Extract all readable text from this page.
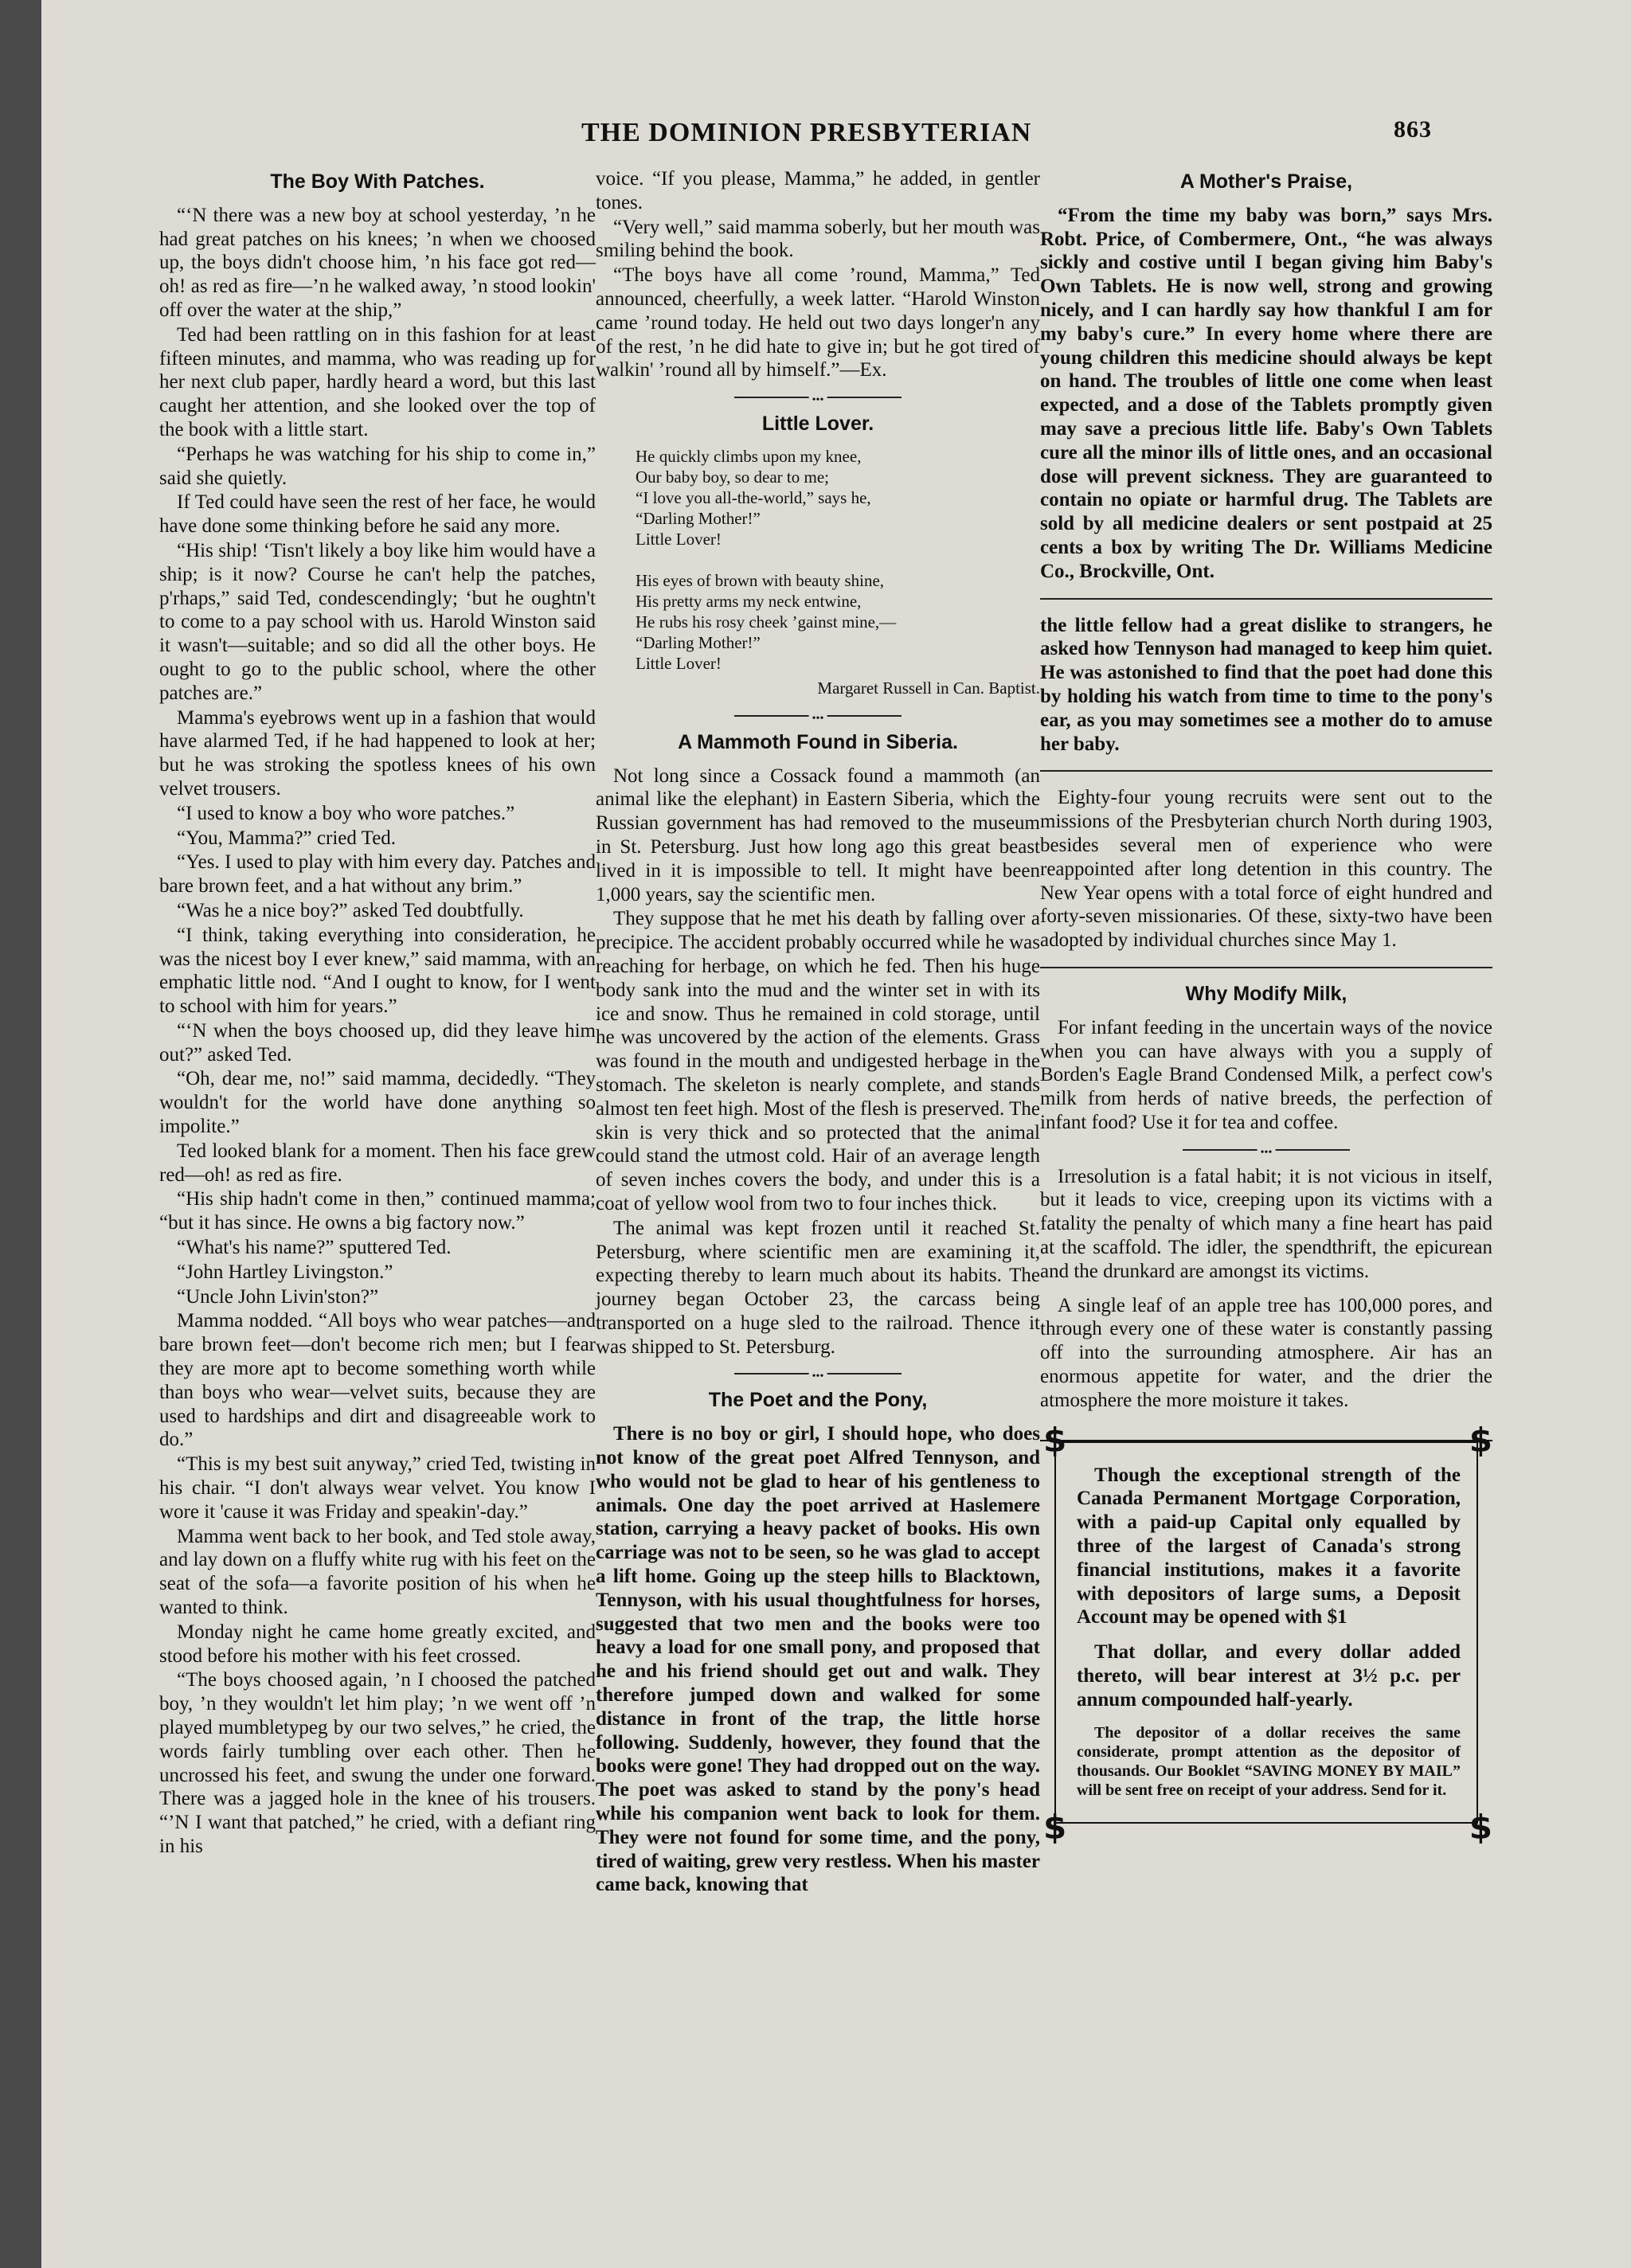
THE DOMINION PRESBYTERIAN	863
The Boy With Patches.

“‘N there was a new boy at school yesterday, ’n he had great patches on his knees; ’n when we choosed up, the boys didn't choose him, ’n his face got red—oh! as red as fire—’n he walked away, ’n stood lookin' off over the water at the ship,”

Ted had been rattling on in this fashion for at least fifteen minutes, and mamma, who was reading up for her next club paper, hardly heard a word, but this last caught her attention, and she looked over the top of the book with a little start.

“Perhaps he was watching for his ship to come in,” said she quietly.

If Ted could have seen the rest of her face, he would have done some thinking before he said any more.

“His ship! ‘Tisn't likely a boy like him would have a ship; is it now? Course he can't help the patches, p'rhaps,” said Ted, condescendingly; ‘but he oughtn't to come to a pay school with us. Harold Winston said it wasn't—suitable; and so did all the other boys. He ought to go to the public school, where the other patches are.”

Mamma's eyebrows went up in a fashion that would have alarmed Ted, if he had happened to look at her; but he was stroking the spotless knees of his own velvet trousers.

“I used to know a boy who wore patches.”

“You, Mamma?” cried Ted.

“Yes. I used to play with him every day. Patches and bare brown feet, and a hat without any brim.”

“Was he a nice boy?” asked Ted doubtfully.

“I think, taking everything into consideration, he was the nicest boy I ever knew,” said mamma, with an emphatic little nod. “And I ought to know, for I went to school with him for years.”

“‘N when the boys choosed up, did they leave him out?” asked Ted.

“Oh, dear me, no!” said mamma, decidedly. “They wouldn't for the world have done anything so impolite.”

Ted looked blank for a moment. Then his face grew red—oh! as red as fire.

“His ship hadn't come in then,” continued mamma; “but it has since. He owns a big factory now.”

“What's his name?” sputtered Ted.

“John Hartley Livingston.”

“Uncle John Livin'ston?”

Mamma nodded. “All boys who wear patches—and bare brown feet—don't become rich men; but I fear they are more apt to become something worth while than boys who wear—velvet suits, because they are used to hardships and dirt and disagreeable work to do.”

“This is my best suit anyway,” cried Ted, twisting in his chair. “I don't always wear velvet. You know I wore it 'cause it was Friday and speakin'-day.”

Mamma went back to her book, and Ted stole away, and lay down on a fluffy white rug with his feet on the seat of the sofa—a favorite position of his when he wanted to think.

Monday night he came home greatly excited, and stood before his mother with his feet crossed.

“The boys choosed again, ’n I choosed the patched boy, ’n they wouldn't let him play; ’n we went off ’n played mumbletypeg by our two selves,” he cried, the words fairly tumbling over each other. Then he uncrossed his feet, and swung the under one forward. There was a jagged hole in the knee of his trousers. “’N I want that patched,” he cried, with a defiant ring in his

voice. “If you please, Mamma,” he added, in gentler tones.

“Very well,” said mamma soberly, but her mouth was smiling behind the book.

“The boys have all come ’round, Mamma,” Ted announced, cheerfully, a week latter. “Harold Winston came ’round today. He held out two days longer'n any of the rest, ’n he did hate to give in; but he got tired of walkin' ’round all by himself.”—Ex.

•••
Little Lover.
He quickly climbs upon my knee,
Our baby boy, so dear to me;
“I love you all-the-world,” says he,
“Darling Mother!”
Little Lover!
His eyes of brown with beauty shine,
His pretty arms my neck entwine,
He rubs his rosy cheek ’gainst mine,—
“Darling Mother!”
Little Lover!
Margaret Russell in Can. Baptist.
•••
A Mammoth Found in Siberia.

Not long since a Cossack found a mammoth (an animal like the elephant) in Eastern Siberia, which the Russian government has had removed to the museum in St. Petersburg. Just how long ago this great beast lived in it is impossible to tell. It might have been 1,000 years, say the scientific men.

They suppose that he met his death by falling over a precipice. The accident probably occurred while he was reaching for herbage, on which he fed. Then his huge body sank into the mud and the winter set in with its ice and snow. Thus he remained in cold storage, until he was uncovered by the action of the elements. Grass was found in the mouth and undigested herbage in the stomach. The skeleton is nearly complete, and stands almost ten feet high. Most of the flesh is preserved. The skin is very thick and so protected that the animal could stand the utmost cold. Hair of an average length of seven inches covers the body, and under this is a coat of yellow wool from two to four inches thick.

The animal was kept frozen until it reached St. Petersburg, where scientific men are examining it, expecting thereby to learn much about its habits. The journey began October 23, the carcass being transported on a huge sled to the railroad. Thence it was shipped to St. Petersburg.

•••
The Poet and the Pony,

There is no boy or girl, I should hope, who does not know of the great poet Alfred Tennyson, and who would not be glad to hear of his gentleness to animals. One day the poet arrived at Haslemere station, carrying a heavy packet of books. His own carriage was not to be seen, so he was glad to accept a lift home. Going up the steep hills to Blacktown, Tennyson, with his usual thoughtfulness for horses, suggested that two men and the books were too heavy a load for one small pony, and proposed that he and his friend should get out and walk. They therefore jumped down and walked for some distance in front of the trap, the little horse following. Suddenly, however, they found that the books were gone! They had dropped out on the way. The poet was asked to stand by the pony's head while his companion went back to look for them. They were not found for some time, and the pony, tired of waiting, grew very restless. When his master came back, knowing that

A Mother's Praise,

“From the time my baby was born,” says Mrs. Robt. Price, of Combermere, Ont., “he was always sickly and costive until I began giving him Baby's Own Tablets. He is now well, strong and growing nicely, and I can hardly say how thankful I am for my baby's cure.” In every home where there are young children this medicine should always be kept on hand. The troubles of little one come when least expected, and a dose of the Tablets promptly given may save a precious little life. Baby's Own Tablets cure all the minor ills of little ones, and an occasional dose will prevent sickness. They are guaranteed to contain no opiate or harmful drug. The Tablets are sold by all medicine dealers or sent postpaid at 25 cents a box by writing The Dr. Williams Medicine Co., Brockville, Ont.

the little fellow had a great dislike to strangers, he asked how Tennyson had managed to keep him quiet. He was astonished to find that the poet had done this by holding his watch from time to time to the pony's ear, as you may sometimes see a mother do to amuse her baby.

Eighty-four young recruits were sent out to the missions of the Presbyterian church North during 1903, besides several men of experience who were reappointed after long detention in this country. The New Year opens with a total force of eight hundred and forty-seven missionaries. Of these, sixty-two have been adopted by individual churches since May 1.

Why Modify Milk,

For infant feeding in the uncertain ways of the novice when you can have always with you a supply of Borden's Eagle Brand Condensed Milk, a perfect cow's milk from herds of native breeds, the perfection of infant food? Use it for tea and coffee.

•••

Irresolution is a fatal habit; it is not vicious in itself, but it leads to vice, creeping upon its victims with a fatality the penalty of which many a fine heart has paid at the scaffold. The idler, the spendthrift, the epicurean and the drunkard are amongst its victims.

A single leaf of an apple tree has 100,000 pores, and through every one of these water is constantly passing off into the surrounding atmosphere. Air has an enormous appetite for water, and the drier the atmosphere the more moisture it takes.

$	$
$	$

Though the exceptional strength of the Canada Permanent Mortgage Corporation, with a paid-up Capital only equalled by three of the largest of Canada's strong financial institutions, makes it a favorite with depositors of large sums, a Deposit Account may be opened with $1

That dollar, and every dollar added thereto, will bear interest at 3½ p.c. per annum compounded half-yearly.

The depositor of a dollar receives the same considerate, prompt attention as the depositor of thousands. Our Booklet “SAVING MONEY BY MAIL” will be sent free on receipt of your address. Send for it.
